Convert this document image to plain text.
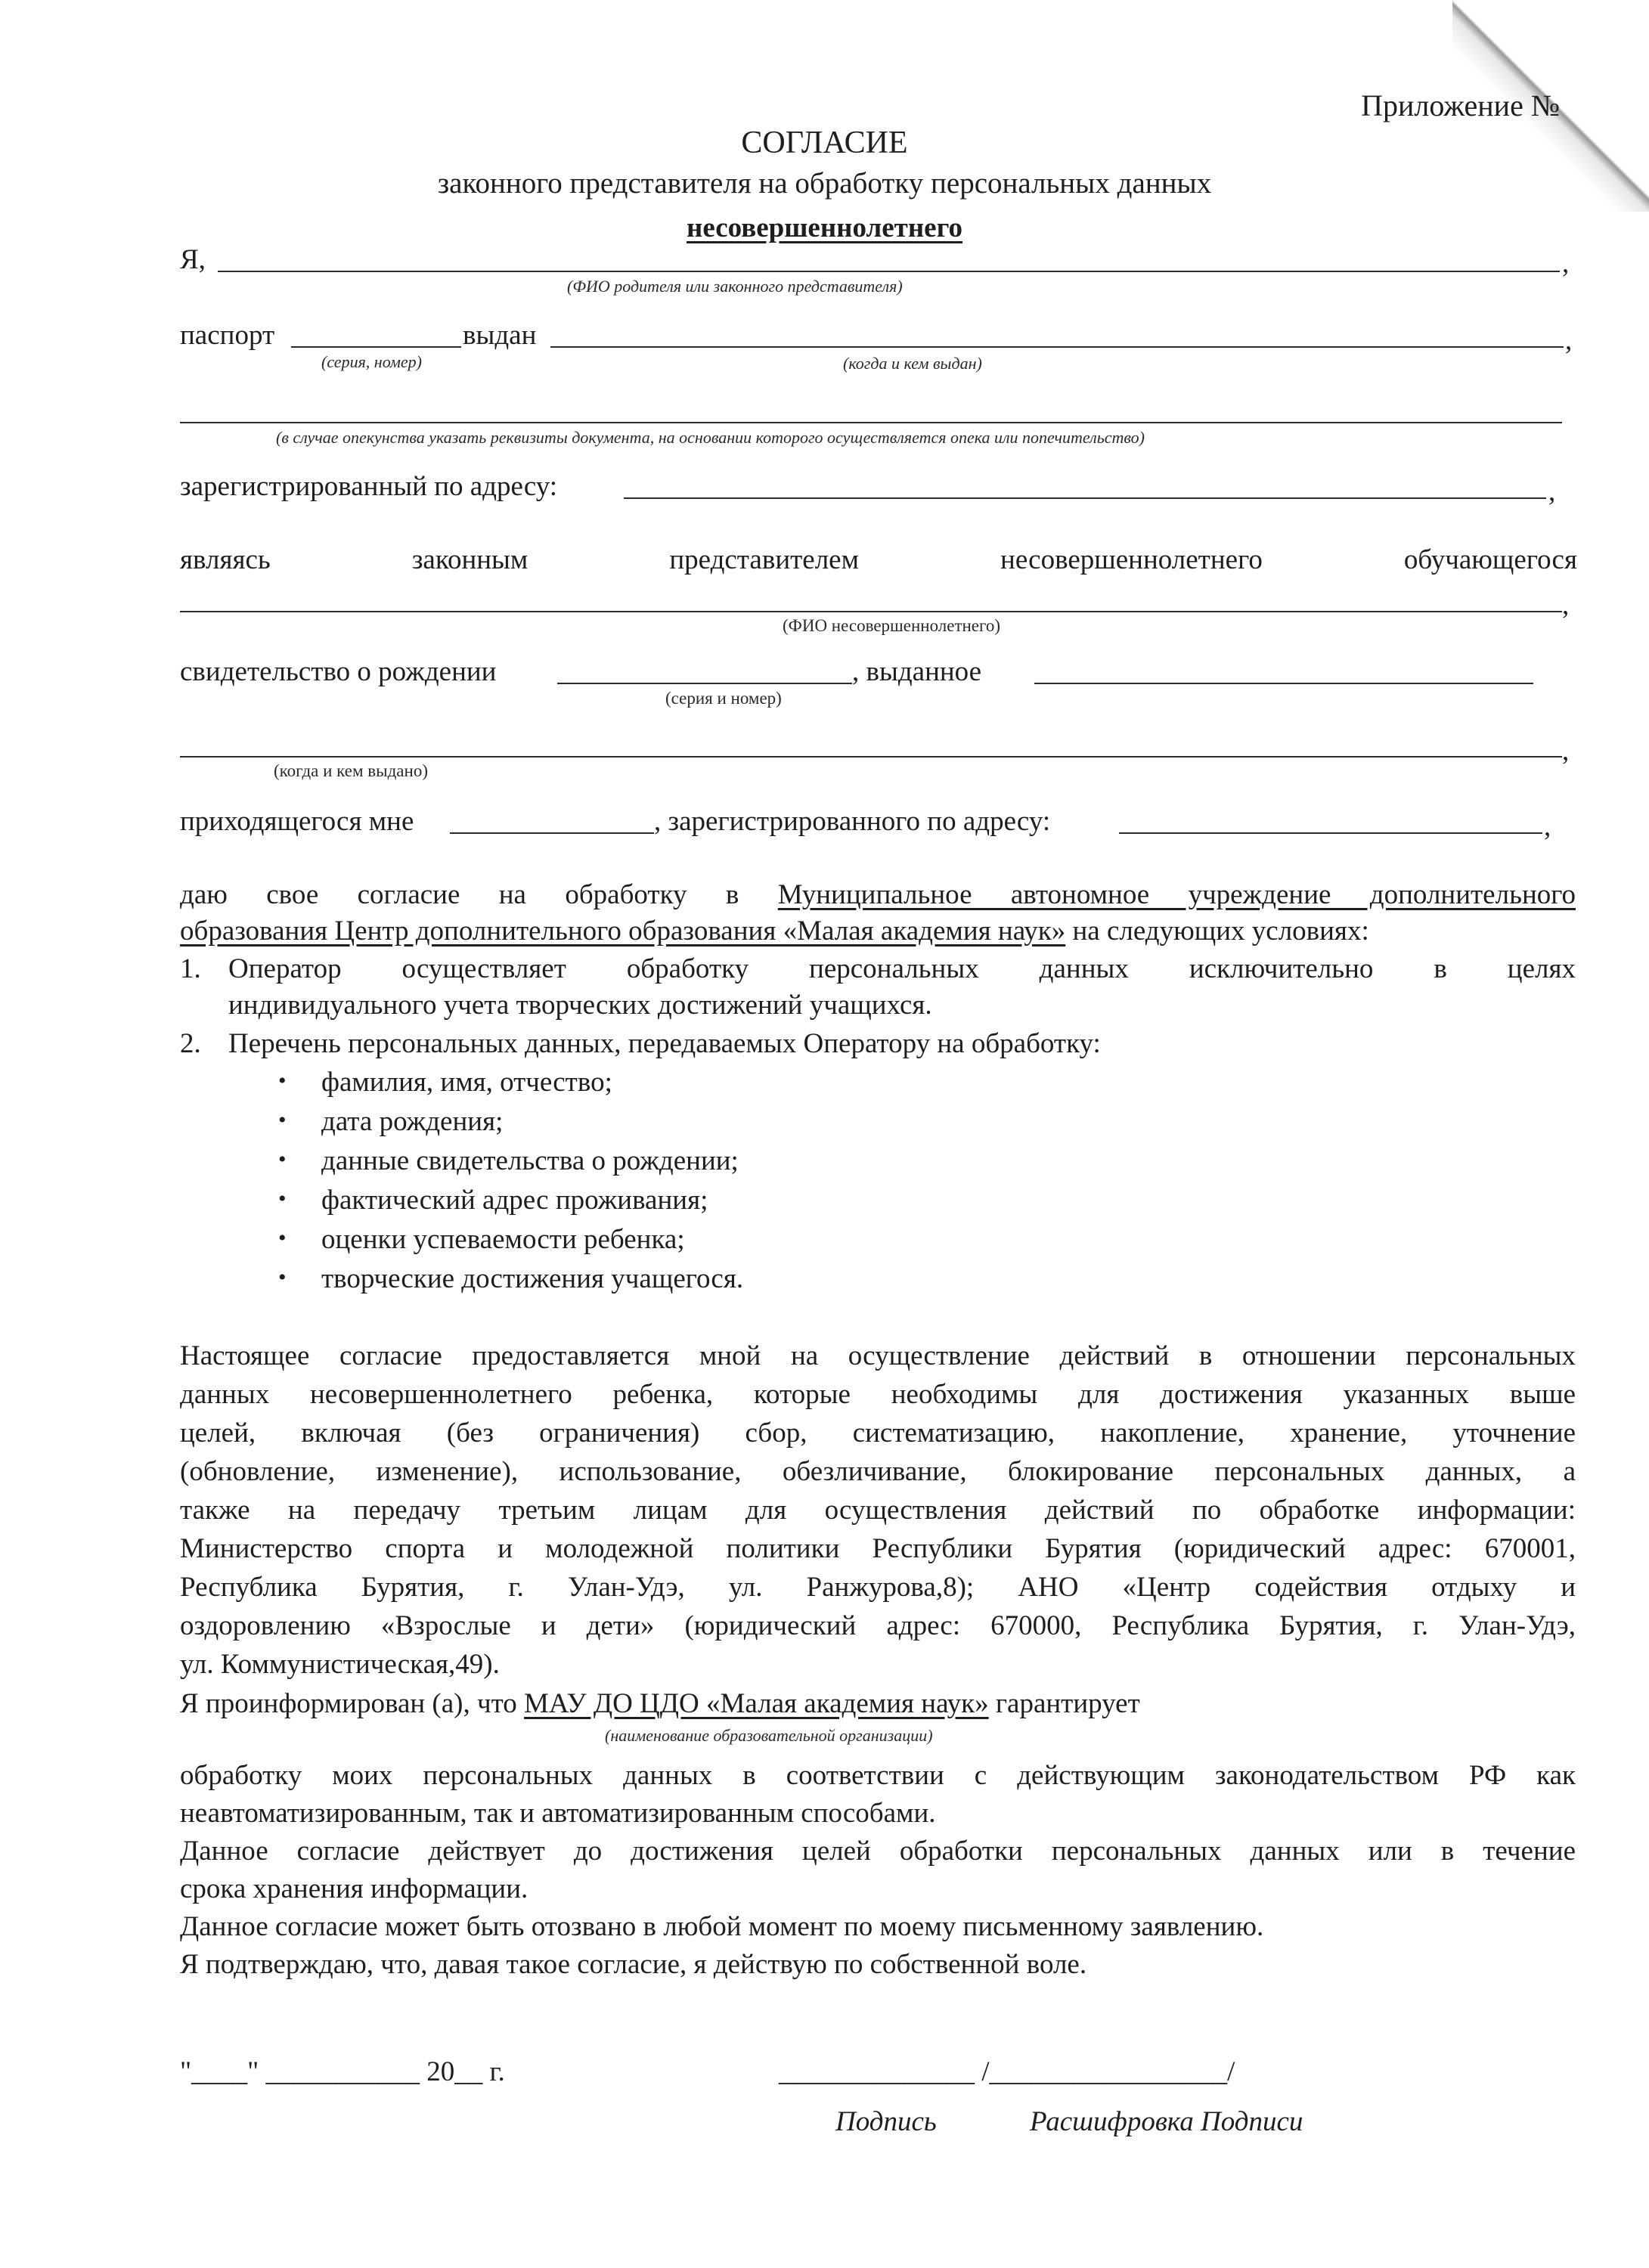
Приложение №
СОГЛАСИЕ
законного представителя на обработку персональных данных
несовершеннолетнего
Я,	,
(ФИО родителя или законного представителя)
паспорт	выдан	,
(серия, номер)	(когда и кем выдан)
(в случае опекунства указать реквизиты документа, на основании которого осуществляется опека или попечительство)
зарегистрированный по адресу:	,
являясь	законным	представителем	несовершеннолетнего	обучающегося
,
(ФИО несовершеннолетнего)
свидетельство о рождении	, выданное
(серия и номер)
,
(когда и кем выдано)
приходящегося мне	, зарегистрированного по адресу:	,
даю свое согласие на обработку в Муниципальное автономное учреждение дополнительного
образования Центр дополнительного образования «Малая академия наук» на следующих условиях:
1. Оператор осуществляет обработку персональных данных исключительно в целях
индивидуального учета творческих достижений учащихся.
2. Перечень персональных данных, передаваемых Оператору на обработку:
• фамилия, имя, отчество;
• дата рождения;
• данные свидетельства о рождении;
• фактический адрес проживания;
• оценки успеваемости ребенка;
• творческие достижения учащегося.
Настоящее согласие предоставляется мной на осуществление действий в отношении персональных
данных несовершеннолетнего ребенка, которые необходимы для достижения указанных выше
целей, включая (без ограничения) сбор, систематизацию, накопление, хранение, уточнение
(обновление, изменение), использование, обезличивание, блокирование персональных данных, а
также на передачу третьим лицам для осуществления действий по обработке информации:
Министерство спорта и молодежной политики Республики Бурятия (юридический адрес: 670001,
Республика Бурятия, г. Улан-Удэ, ул. Ранжурова,8); АНО «Центр содействия отдыху и
оздоровлению «Взрослые и дети» (юридический адрес: 670000, Республика Бурятия, г. Улан-Удэ,
ул. Коммунистическая,49).
Я проинформирован (а), что МАУ ДО ЦДО «Малая академия наук» гарантирует
(наименование образовательной организации)
обработку моих персональных данных в соответствии с действующим законодательством РФ как
неавтоматизированным, так и автоматизированным способами.
Данное согласие действует до достижения целей обработки персональных данных или в течение
срока хранения информации.
Данное согласие может быть отозвано в любой момент по моему письменному заявлению.
Я подтверждаю, что, давая такое согласие, я действую по собственной воле.
"____" ___________ 20__ г.	______________ /_________________/
Подпись	Расшифровка Подписи
